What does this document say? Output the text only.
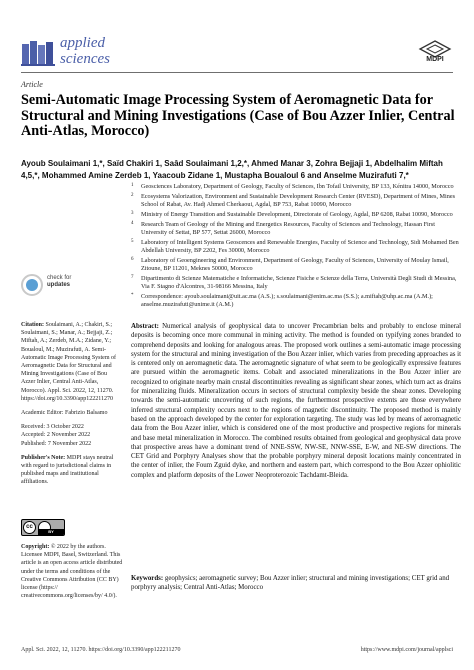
applied
sciences	MDPI
Article
Semi-Automatic Image Processing System of Aeromagnetic Data for Structural and Mining Investigations (Case of Bou Azzer Inlier, Central Anti-Atlas, Morocco)
Ayoub Soulaimani 1,*, Saïd Chakiri 1, Saâd Soulaimani 1,2,*, Ahmed Manar 3, Zohra Bejjaji 1, Abdelhalim Miftah 4,5,*, Mohammed Amine Zerdeb 1, Yaacoub Zidane 1, Mustapha Boualoul 6 and Anselme Muzirafuti 7,*
1 Geosciences Laboratory, Department of Geology, Faculty of Sciences, Ibn Tofail University, BP 133, Kénitra 14000, Morocco
2 Ecosystems Valorization, Environment and Sustainable Development Research Center (RVESD), Department of Mines, Mines School of Rabat, Av. Hadj Ahmed Cherkaoui, Agdal, BP 753, Rabat 10090, Morocco
3 Ministry of Energy Transition and Sustainable Development, Directorate of Geology, Agdal, BP 6208, Rabat 10090, Morocco
4 Research Team of Geology of the Mining and Energetics Resources, Faculty of Sciences and Technology, Hassan First University of Settat, BP 577, Settat 26000, Morocco
5 Laboratory of Intelligent Systems Geoscences and Renewable Energies, Faculty of Science and Technology, Sidi Mohamed Ben Abdellah University, BP 2202, Fes 30000, Morocco
6 Laboratory of Geoengineering and Environment, Department of Geology, Faculty of Sciences, University of Moulay Ismail, Zitoune, BP 11201, Meknes 50000, Morocco
7 Dipartimento di Scienze Matematiche e Informatiche, Scienze Fisiche e Scienze della Terra, Università Degli Studi di Messina, Via F. Stagno d'Alcontres, 31-98166 Messina, Italy
* Correspondence: ayoub.soulaimani@uit.ac.ma (A.S.); s.soulaimani@enim.ac.ma (S.S.); a.miftah@uhp.ac.ma (A.M.); anselme.muzirafuti@unime.it (A.M.)
check for
updates
Citation: Soulaimani, A.; Chakiri, S.; Soulaimani, S.; Manar, A.; Bejjaji, Z.; Miftah, A.; Zerdeb, M.A.; Zidane, Y.; Boualoul, M.; Muzirafuti, A. Semi-Automatic Image Processing System of Aeromagnetic Data for Structural and Mining Investigations (Case of Bou Azzer Inlier, Central Anti-Atlas, Morocco). Appl. Sci. 2022, 12, 11270. https://doi.org/10.3390/app122211270
Academic Editor: Fabrizio Balsamo
Received: 3 October 2022
Accepted: 2 November 2022
Published: 7 November 2022
Publisher's Note: MDPI stays neutral with regard to jurisdictional claims in published maps and institutional affiliations.
cc
BY
Copyright: © 2022 by the authors. Licensee MDPI, Basel, Switzerland. This article is an open access article distributed under the terms and conditions of the Creative Commons Attribution (CC BY) license (https:// creativecommons.org/licenses/by/ 4.0/).
Abstract: Numerical analysis of geophysical data to uncover Precambrian belts and probably to enclose mineral deposits is becoming once more communal in mining activity. The method is founded on typifying zones branded to comprehend deposits and looking for analogous areas. The proposed work outlines a semi-automatic image processing system for the structural and mining investigation of the Bou Azzer inlier, which varies from preceding approaches as it is centered only on aeromagnetic data. The aeromagnetic signature of what seem to be geologically expressive features are pursued within the aeromagnetic items. Cobalt and associated mineralizations in the Bou Azzer inlier are recognized to originate nearby main crustal discontinuities revealing as significant shear zones, which turn act as drains for mineralizing fluids. Mineralization occurs in sectors of structural complexity beside the shear zones. Developing towards the semi-automatic uncovering of such regions, the furthermost prospective extents are those everywhere inferred structural complexity occurs next to the regions of magnetic discontinuity. The proposed method is mainly based on the approach developed by the center for exploration targeting. The study was led by means of aeromagnetic data from the Bou Azzer inlier, which is considered one of the most productive and prospective regions for minerals and base metal mineralization in Morocco. The combined results obtained from geological and geophysical data prove that prospective areas have a dominant trend of NNE-SSW, NW-SE, NNW-SSE, E-W, and NE-SW directions. The CET Grid and Porphyry Analyses show that the probable porphyry mineral deposit locations mainly concentrated in the center of inlier, the Foum Zguid dyke, and northern and eastern part, which correspond to the Bou Azzer ophiolitic complex and platform deposits of the Lower Neoproterozoic Tachdamt-Bleida.
Keywords: geophysics; aeromagnetic survey; Bou Azzer inlier; structural and mining investigations; CET grid and porphyry analysis; Central Anti-Atlas; Morocco
Appl. Sci. 2022, 12, 11270. https://doi.org/10.3390/app122211270	https://www.mdpi.com/journal/applsci
